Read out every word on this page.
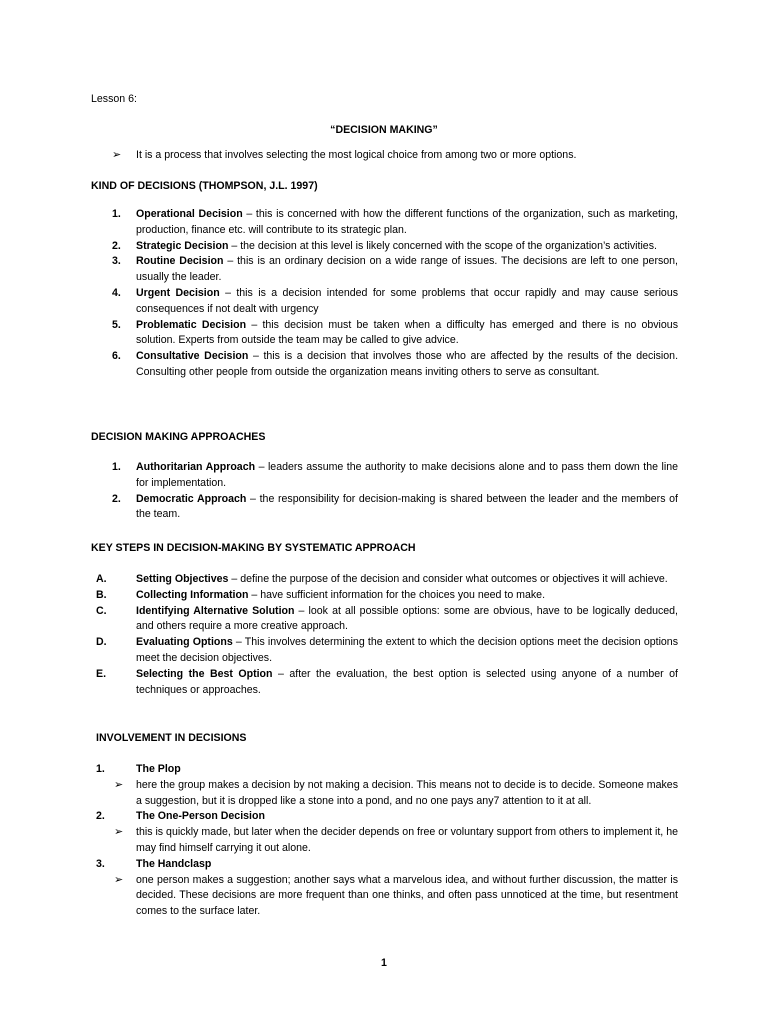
Lesson 6:

“DECISION MAKING”

➢ It is a process that involves selecting the most logical choice from among two or more options.

KIND OF DECISIONS (THOMPSON, J.L. 1997)

1. Operational Decision – this is concerned with how the different functions of the organization, such as marketing, production, finance etc. will contribute to its strategic plan.
2. Strategic Decision – the decision at this level is likely concerned with the scope of the organization’s activities.
3. Routine Decision – this is an ordinary decision on a wide range of issues. The decisions are left to one person, usually the leader.
4. Urgent Decision – this is a decision intended for some problems that occur rapidly and may cause serious consequences if not dealt with urgency
5. Problematic Decision – this decision must be taken when a difficulty has emerged and there is no obvious solution. Experts from outside the team may be called to give advice.
6. Consultative Decision – this is a decision that involves those who are affected by the results of the decision. Consulting other people from outside the organization means inviting others to serve as consultant.

DECISION MAKING APPROACHES

1. Authoritarian Approach – leaders assume the authority to make decisions alone and to pass them down the line for implementation.
2. Democratic Approach – the responsibility for decision-making is shared between the leader and the members of the team.

KEY STEPS IN DECISION-MAKING BY SYSTEMATIC APPROACH

A.	Setting Objectives – define the purpose of the decision and consider what outcomes or objectives it will achieve.
B.	Collecting Information – have sufficient information for the choices you need to make.
C.	Identifying Alternative Solution – look at all possible options: some are obvious, have to be logically deduced, and others require a more creative approach.
D.	Evaluating Options – This involves determining the extent to which the decision options meet the decision options meet the decision objectives.
E.	Selecting the Best Option – after the evaluation, the best option is selected using anyone of a number of techniques or approaches.

INVOLVEMENT IN DECISIONS

1.	The Plop
➢ here the group makes a decision by not making a decision. This means not to decide is to decide. Someone makes a suggestion, but it is dropped like a stone into a pond, and no one pays any7 attention to it at all.
2.	The One-Person Decision
➢ this is quickly made, but later when the decider depends on free or voluntary support from others to implement it, he may find himself carrying it out alone.
3.	The Handclasp
➢ one person makes a suggestion; another says what a marvelous idea, and without further discussion, the matter is decided. These decisions are more frequent than one thinks, and often pass unnoticed at the time, but resentment comes to the surface later.

1
